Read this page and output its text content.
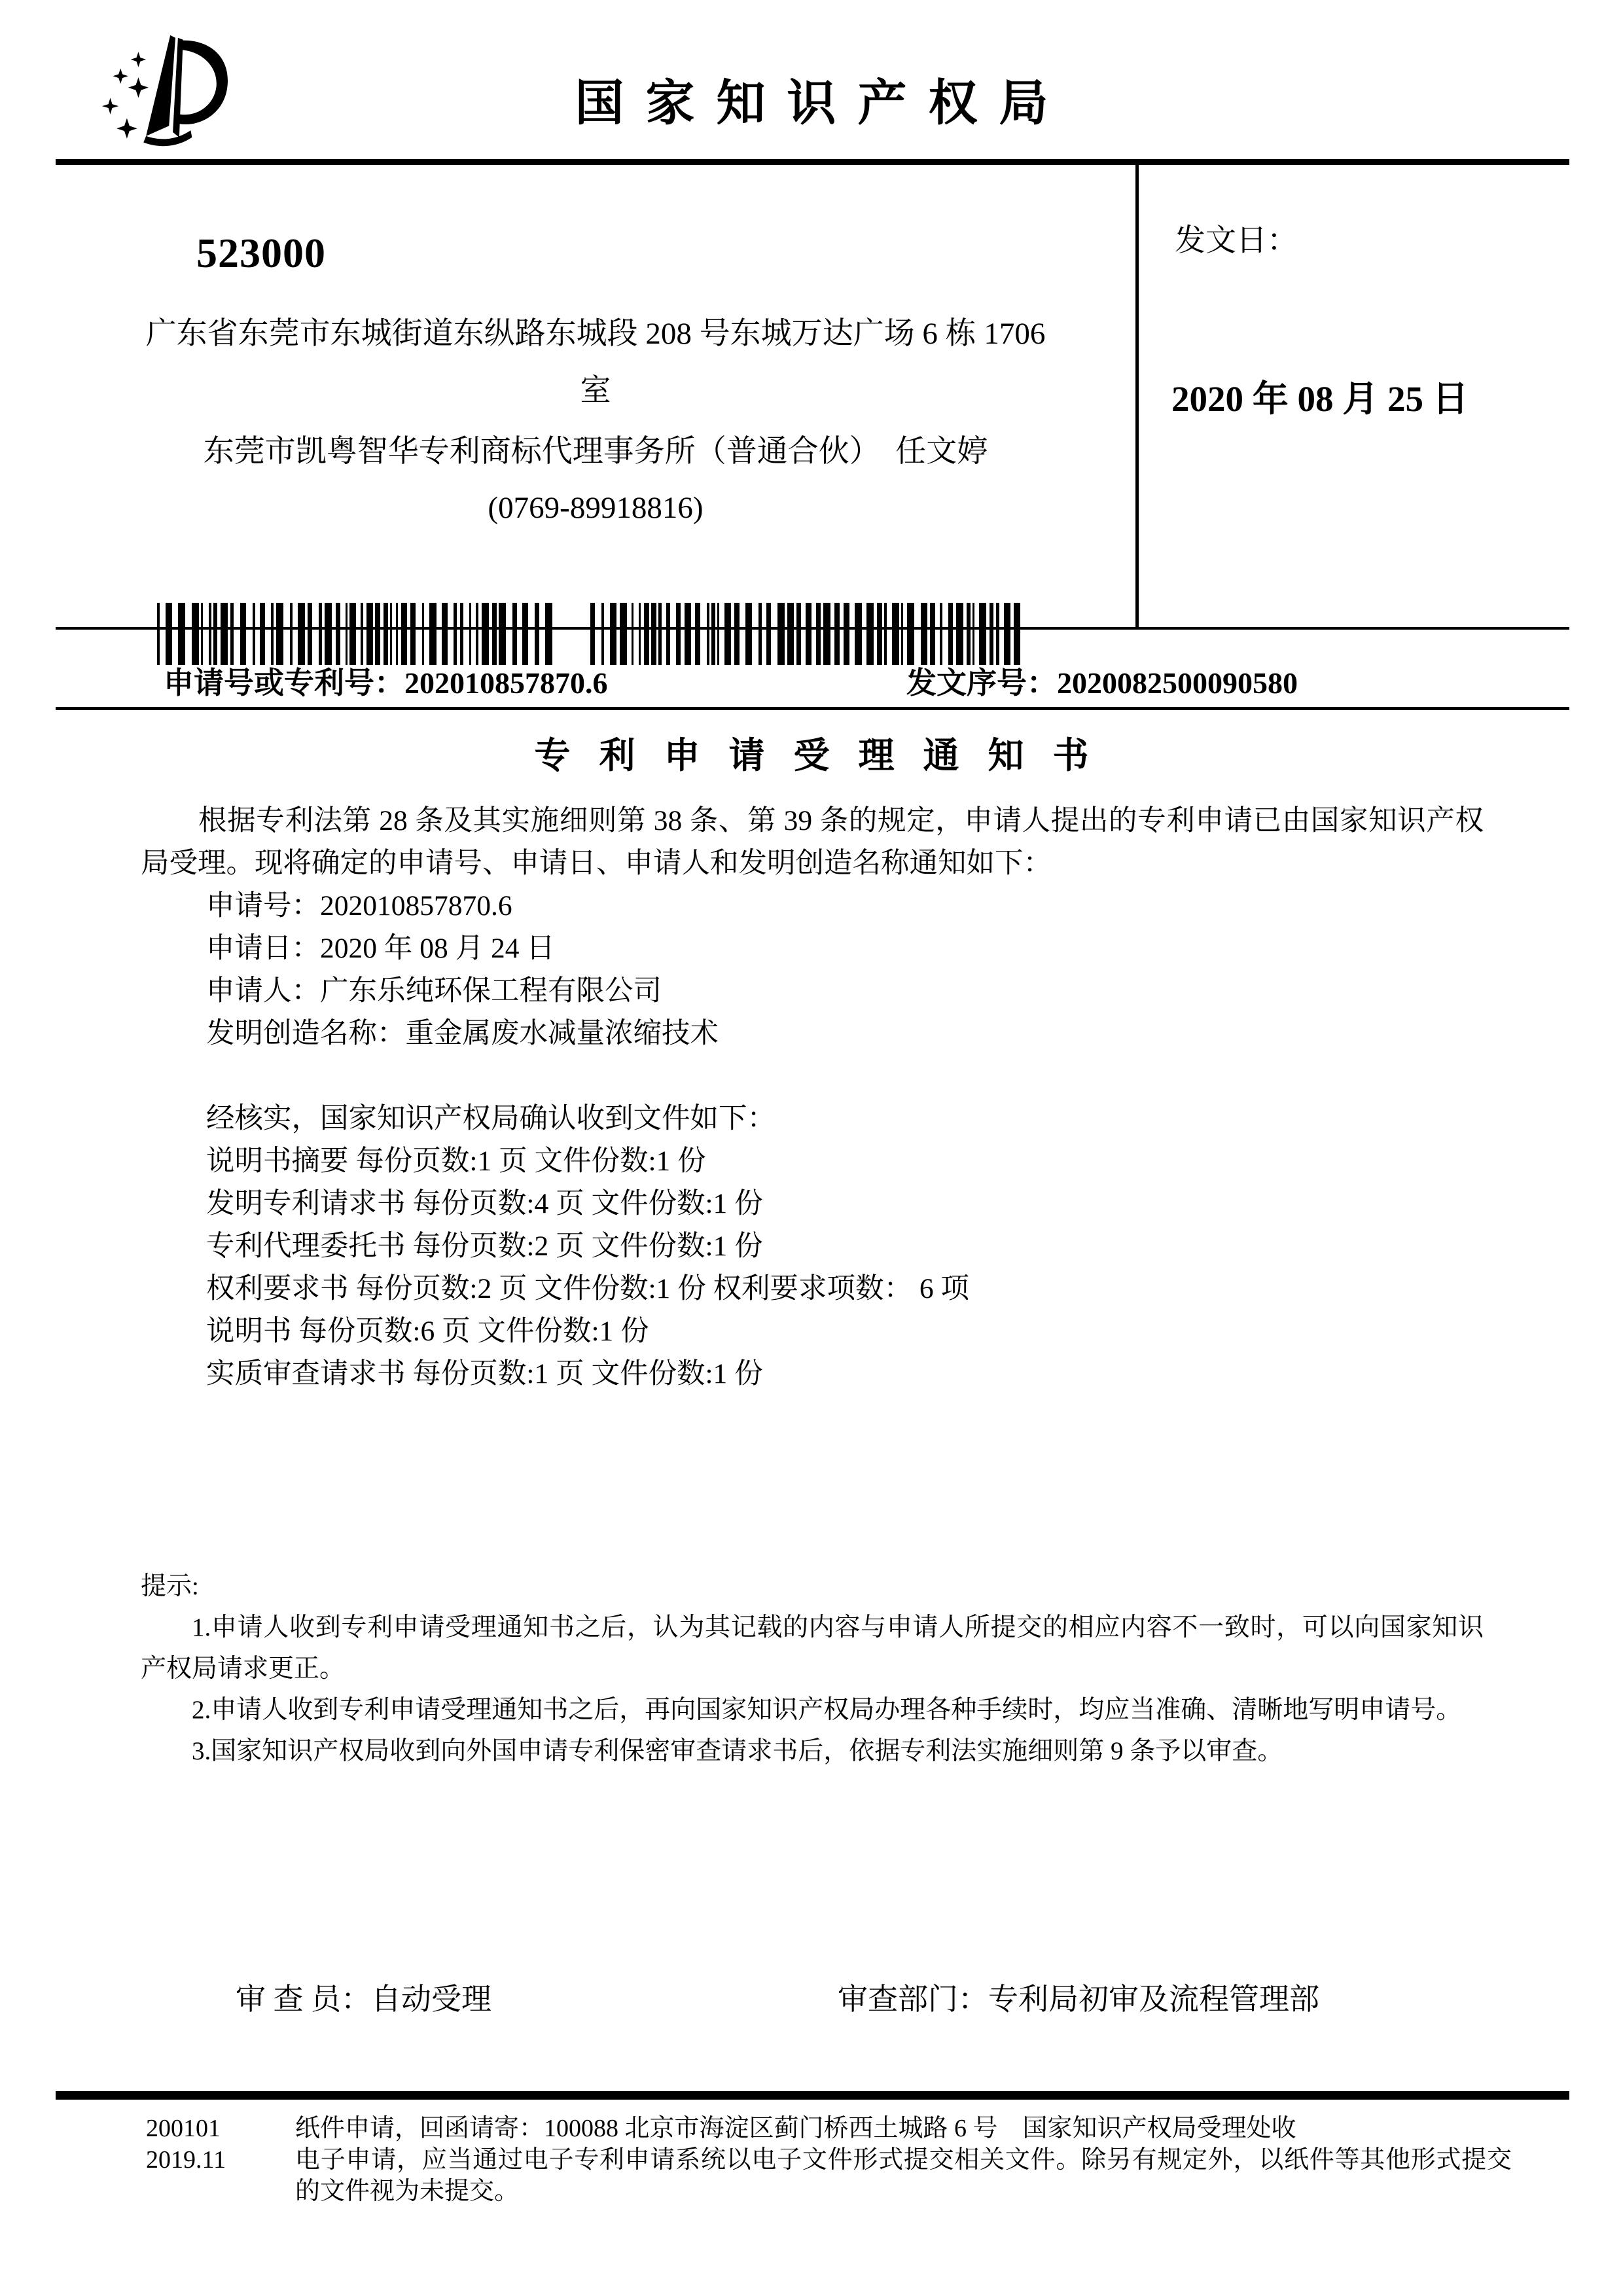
国家知识产权局
523000
广东省东莞市东城街道东纵路东城段 208 号东城万达广场 6 栋 1706
室
东莞市凯粤智华专利商标代理事务所（普通合伙）　任文婷
(0769-89918816)
发文日：
2020 年 08 月 25 日
申请号或专利号：202010857870.6	发文序号：2020082500090580
专利申请受理通知书

根据专利法第 28 条及其实施细则第 38 条、第 39 条的规定，申请人提出的专利申请已由国家知识产权局受理。现将确定的申请号、申请日、申请人和发明创造名称通知如下：

申请号：202010857870.6
申请日：2020 年 08 月 24 日
申请人：广东乐纯环保工程有限公司
发明创造名称：重金属废水减量浓缩技术
经核实，国家知识产权局确认收到文件如下：
说明书摘要 每份页数:1 页 文件份数:1 份
发明专利请求书 每份页数:4 页 文件份数:1 份
专利代理委托书 每份页数:2 页 文件份数:1 份
权利要求书 每份页数:2 页 文件份数:1 份 权利要求项数： 6 项
说明书 每份页数:6 页 文件份数:1 份
实质审查请求书 每份页数:1 页 文件份数:1 份

提示:

1.申请人收到专利申请受理通知书之后，认为其记载的内容与申请人所提交的相应内容不一致时，可以向国家知识产权局请求更正。

2.申请人收到专利申请受理通知书之后，再向国家知识产权局办理各种手续时，均应当准确、清晰地写明申请号。

3.国家知识产权局收到向外国申请专利保密审查请求书后，依据专利法实施细则第 9 条予以审查。

审 查 员：自动受理	审查部门：专利局初审及流程管理部
200101
2019.11
纸件申请，回函请寄：100088 北京市海淀区蓟门桥西土城路 6 号　国家知识产权局受理处收
电子申请，应当通过电子专利申请系统以电子文件形式提交相关文件。除另有规定外，以纸件等其他形式提交的文件视为未提交。
